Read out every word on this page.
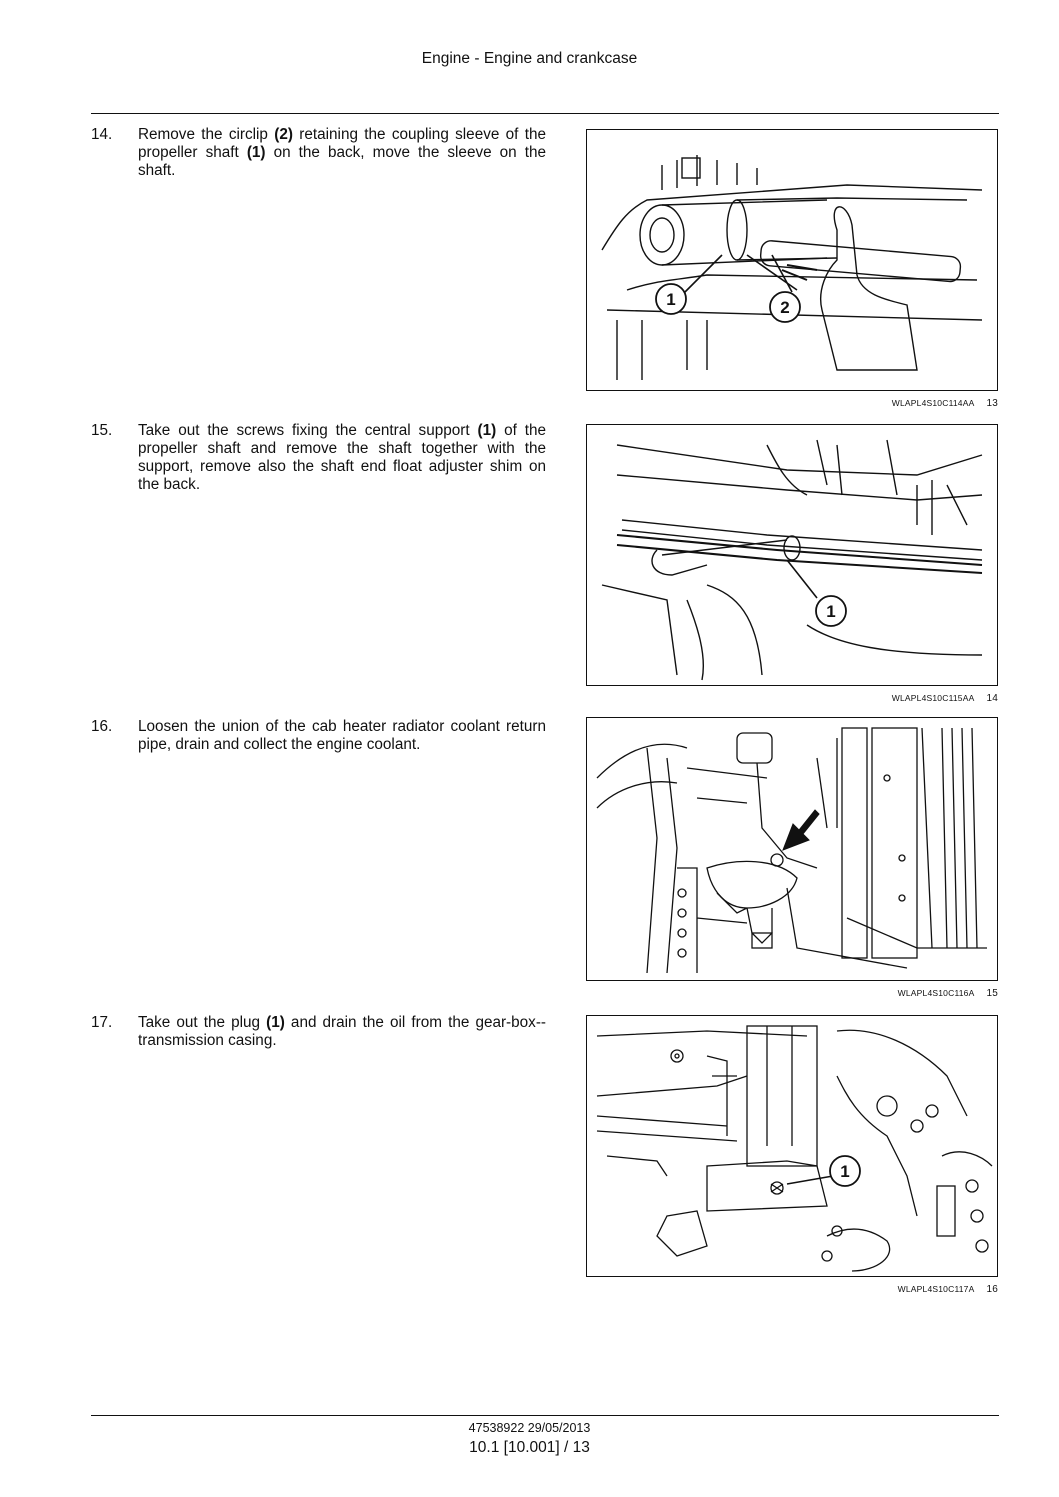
Engine - Engine and crankcase
14. Remove the circlip (2) retaining the coupling sleeve of the propeller shaft (1) on the back, move the sleeve on the shaft.
1	2
WLAPL4S10C114AA 13
15. Take out the screws fixing the central support (1) of the propeller shaft and remove the shaft together with the support, remove also the shaft end float adjuster shim on the back.
1
WLAPL4S10C115AA 14
16. Loosen the union of the cab heater radiator coolant return pipe, drain and collect the engine coolant.
WLAPL4S10C116A 15
17. Take out the plug (1) and drain the oil from the gear-box--transmission casing.
1
WLAPL4S10C117A 16
47538922 29/05/2013
10.1 [10.001] / 13
